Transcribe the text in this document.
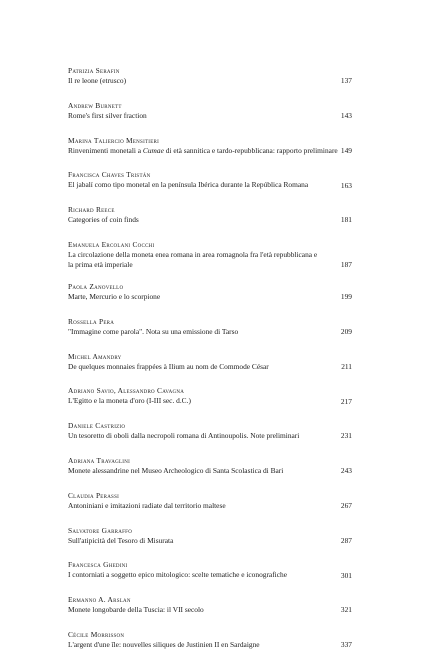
Patrizia Serafin
Il re leone (etrusco)	137
Andrew Burnett
Rome's first silver fraction	143
Marina Taliercio Mensitieri
Rinvenimenti monetali a Cumae di età sannitica e tardo-repubblicana: rapporto preliminare 149
Francisca Chaves Tristán
El jabalí como tipo monetal en la península Ibérica durante la República Romana	163
Richard Reece
Categories of coin finds	181
Emanuela Ercolani Cocchi
La circolazione della moneta enea romana in area romagnola fra l'età repubblicana e la prima età imperiale	187
Paola Zanovello
Marte, Mercurio e lo scorpione	199
Rossella Pera
"Immagine come parola". Nota su una emissione di Tarso	209
Michel Amandry
De quelques monnaies frappées à Ilium au nom de Commode César	211
Adriano Savio, Alessandro Cavagna
L'Egitto e la moneta d'oro (I-III sec. d.C.)	217
Daniele Castrizio
Un tesoretto di oboli dalla necropoli romana di Antinoupolis. Note preliminari	231
Adriana Travaglini
Monete alessandrine nel Museo Archeologico di Santa Scolastica di Bari	243
Claudia Perassi
Antoniniani e imitazioni radiate dal territorio maltese	267
Salvatore Garraffo
Sull'atipicità del Tesoro di Misurata	287
Francesca Ghedini
I contorniati a soggetto epico mitologico: scelte tematiche e iconografiche	301
Ermanno A. Arslan
Monete longobarde della Tuscia: il VII secolo	321
Cécile Morrisson
L'argent d'une île: nouvelles siliques de Justinien II en Sardaigne	337
